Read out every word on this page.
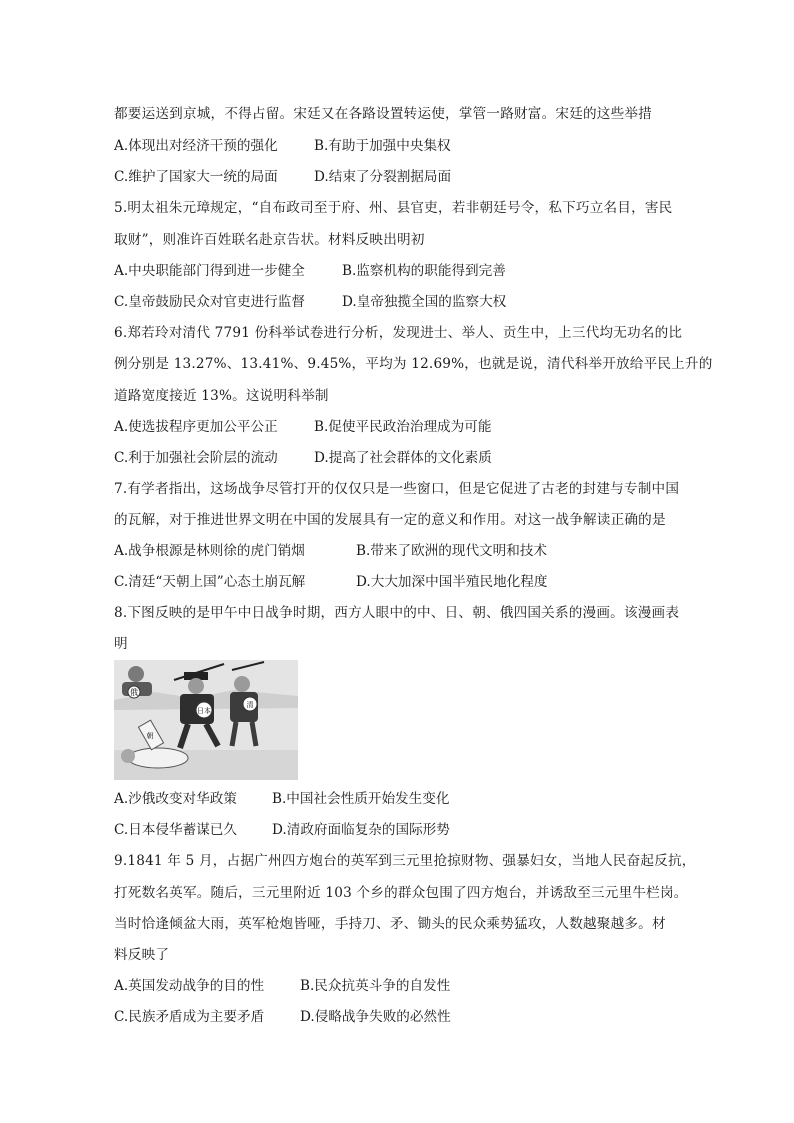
都要运送到京城，不得占留。宋廷又在各路设置转运使，掌管一路财富。宋廷的这些举措
A.体现出对经济干预的强化	B.有助于加强中央集权
C.维护了国家大一统的局面	D.结束了分裂割据局面
5.明太祖朱元璋规定，“自布政司至于府、州、县官吏，若非朝廷号令，私下巧立名目，害民
取财”，则准许百姓联名赴京告状。材料反映出明初
A.中央职能部门得到进一步健全	B.监察机构的职能得到完善
C.皇帝鼓励民众对官吏进行监督	D.皇帝独揽全国的监察大权
6.郑若玲对清代 7791 份科举试卷进行分析，发现进士、举人、贡生中，上三代均无功名的比
例分别是 13.27%、13.41%、9.45%，平均为 12.69%，也就是说，清代科举开放给平民上升的
道路宽度接近 13%。这说明科举制
A.使选拔程序更加公平公正	B.促使平民政治治理成为可能
C.利于加强社会阶层的流动	D.提高了社会群体的文化素质
7.有学者指出，这场战争尽管打开的仅仅只是一些窗口，但是它促进了古老的封建与专制中国
的瓦解，对于推进世界文明在中国的发展具有一定的意义和作用。对这一战争解读正确的是
A.战争根源是林则徐的虎门销烟	B.带来了欧洲的现代文明和技术
C.清廷“天朝上国”心态土崩瓦解	D.大大加深中国半殖民地化程度
8.下图反映的是甲午中日战争时期，西方人眼中的中、日、朝、俄四国关系的漫画。该漫画表
明
俄
日本
清
朝
A.沙俄改变对华政策	B.中国社会性质开始发生变化
C.日本侵华蓄谋已久	D.清政府面临复杂的国际形势
9.1841 年 5 月，占据广州四方炮台的英军到三元里抢掠财物、强暴妇女，当地人民奋起反抗，
打死数名英军。随后，三元里附近 103 个乡的群众包围了四方炮台，并诱敌至三元里牛栏岗。
当时恰逢倾盆大雨，英军枪炮皆哑，手持刀、矛、锄头的民众乘势猛攻，人数越聚越多。材
料反映了
A.英国发动战争的目的性	B.民众抗英斗争的自发性
C.民族矛盾成为主要矛盾	D.侵略战争失败的必然性
